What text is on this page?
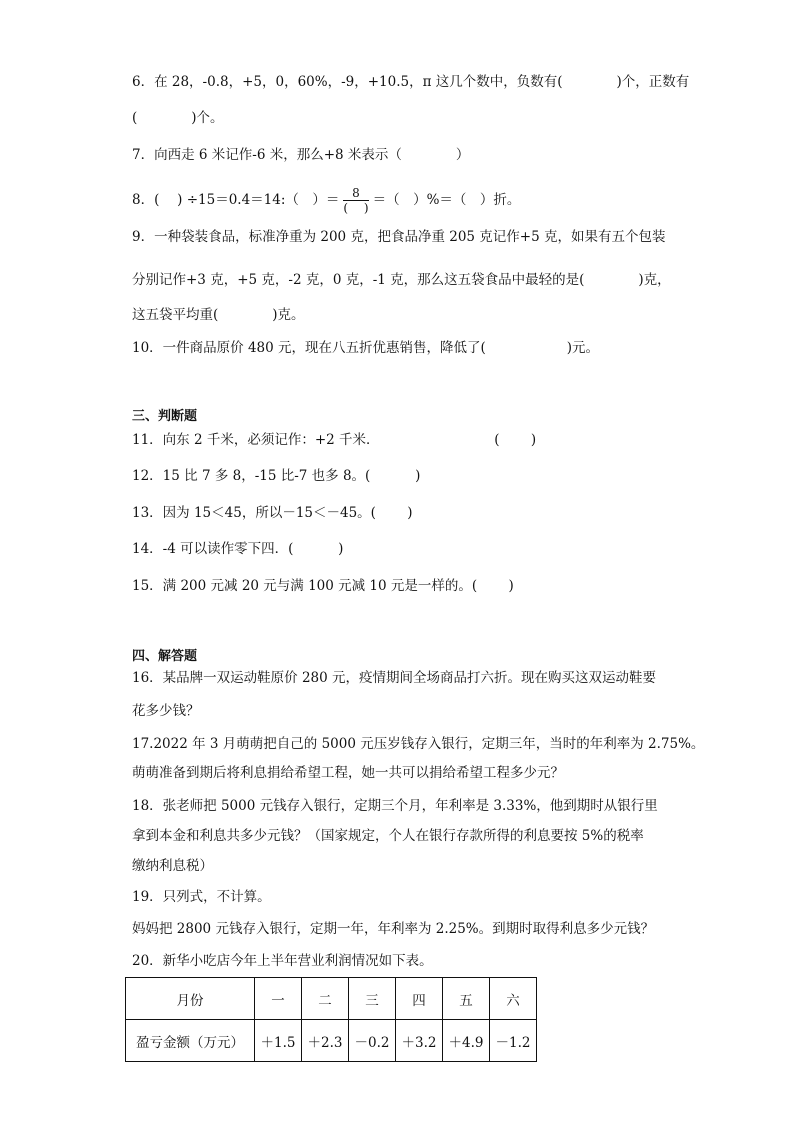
6．在 28，-0.8，+5，0，60%，-9，+10.5，π 这几个数中，负数有(　　　　)个，正数有
(　　　　)个。
7．向西走 6 米记作-6 米，那么+8 米表示（　　　　）
8．(　 ) ÷15＝0.4＝14:（　）＝ $\frac{8}{( )}$ ＝（　）%＝（　）折。
9．一种袋装食品，标准净重为 200 克，把食品净重 205 克记作+5 克，如果有五个包装
分别记作+3 克，+5 克，-2 克，0 克，-1 克，那么这五袋食品中最轻的是(　　　　)克，
这五袋平均重(　　　　)克。
10．一件商品原价 480 元，现在八五折优惠销售，降低了(　　　　　　)元。
三、判断题
11．向东 2 千米，必须记作：+2 千米．　　　　　　　　　(　　 )
12．15 比 7 多 8，-15 比-7 也多 8。(　　　 )
13．因为 15＜45，所以－15＜－45。(　　 )
14．-4 可以读作零下四．(　　　 )
15．满 200 元减 20 元与满 100 元减 10 元是一样的。(　　 )
四、解答题
16．某品牌一双运动鞋原价 280 元，疫情期间全场商品打六折。现在购买这双运动鞋要
花多少钱？
17.2022 年 3 月萌萌把自己的 5000 元压岁钱存入银行，定期三年，当时的年利率为 2.75%。
萌萌准备到期后将利息捐给希望工程，她一共可以捐给希望工程多少元？
18．张老师把 5000 元钱存入银行，定期三个月，年利率是 3.33%，他到期时从银行里
拿到本金和利息共多少元钱？（国家规定，个人在银行存款所得的利息要按 5%的税率
缴纳利息税）
19．只列式，不计算。
妈妈把 2800 元钱存入银行，定期一年，年利率为 2.25%。到期时取得利息多少元钱？
20．新华小吃店今年上半年营业利润情况如下表。
月份	一	二	三	四	五	六
盈亏金额（万元）	＋1.5	＋2.3	－0.2	＋3.2	＋4.9	－1.2
